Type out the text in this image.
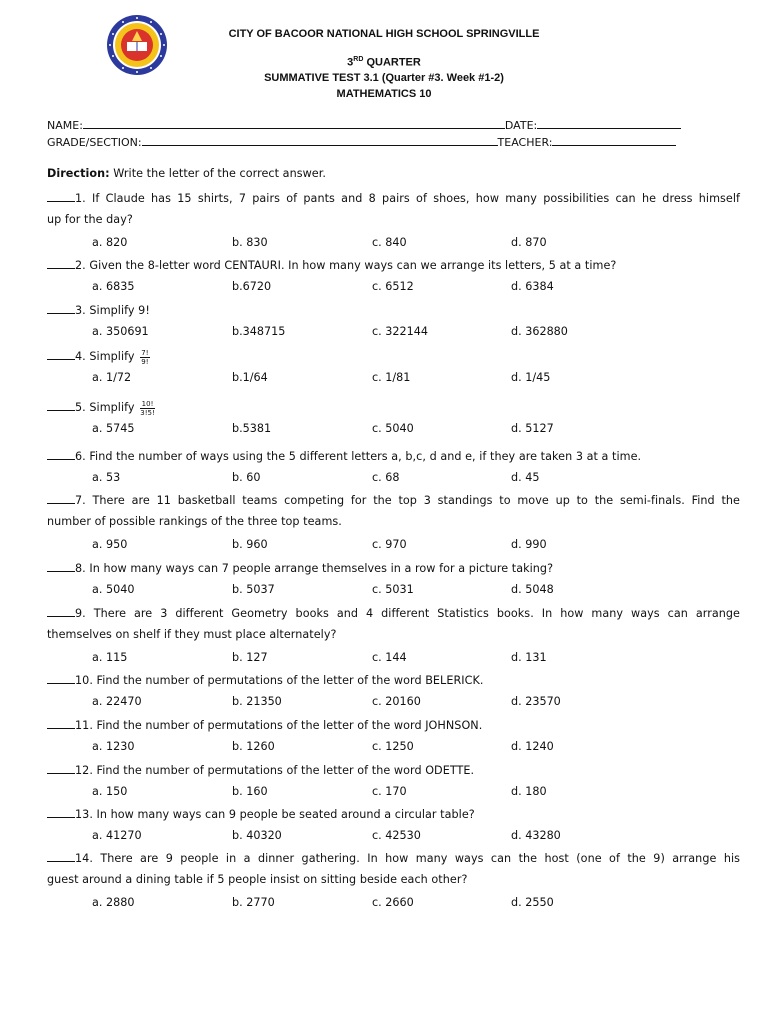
CITY OF BACOOR NATIONAL HIGH SCHOOL SPRINGVILLE
3RD QUARTER
SUMMATIVE TEST 3.1 (Quarter #3. Week #1-2)
MATHEMATICS 10
NAME:	DATE:
GRADE/SECTION:	TEACHER:
Direction: Write the letter of the correct answer.
1. If Claude has 15 shirts, 7 pairs of pants and 8 pairs of shoes, how many possibilities can he dress himself
up for the day?
a. 820	b. 830	c. 840	d. 870
2. Given the 8-letter word CENTAURI. In how many ways can we arrange its letters, 5 at a time?
a. 6835	b.6720	c. 6512	d. 6384
3. Simplify 9!
a. 350691	b.348715	c. 322144	d. 362880
4. Simplify $\frac{7!}{9!}$
a. 1/72	b.1/64	c. 1/81	d. 1/45
5. Simplify $\frac{10!}{3!5!}$
a. 5745	b.5381	c. 5040	d. 5127
6. Find the number of ways using the 5 different letters a, b,c, d and e, if they are taken 3 at a time.
a. 53	b. 60	c. 68	d. 45
7. There are 11 basketball teams competing for the top 3 standings to move up to the semi-finals. Find the
number of possible rankings of the three top teams.
a. 950	b. 960	c. 970	d. 990
8. In how many ways can 7 people arrange themselves in a row for a picture taking?
a. 5040	b. 5037	c. 5031	d. 5048
9. There are 3 different Geometry books and 4 different Statistics books. In how many ways can arrange
themselves on shelf if they must place alternately?
a. 115	b. 127	c. 144	d. 131
10. Find the number of permutations of the letter of the word BELERICK.
a. 22470	b. 21350	c. 20160	d. 23570
11. Find the number of permutations of the letter of the word JOHNSON.
a. 1230	b. 1260	c. 1250	d. 1240
12. Find the number of permutations of the letter of the word ODETTE.
a. 150	b. 160	c. 170	d. 180
13. In how many ways can 9 people be seated around a circular table?
a. 41270	b. 40320	c. 42530	d. 43280
14. There are 9 people in a dinner gathering. In how many ways can the host (one of the 9) arrange his
guest around a dining table if 5 people insist on sitting beside each other?
a. 2880	b. 2770	c. 2660	d. 2550
